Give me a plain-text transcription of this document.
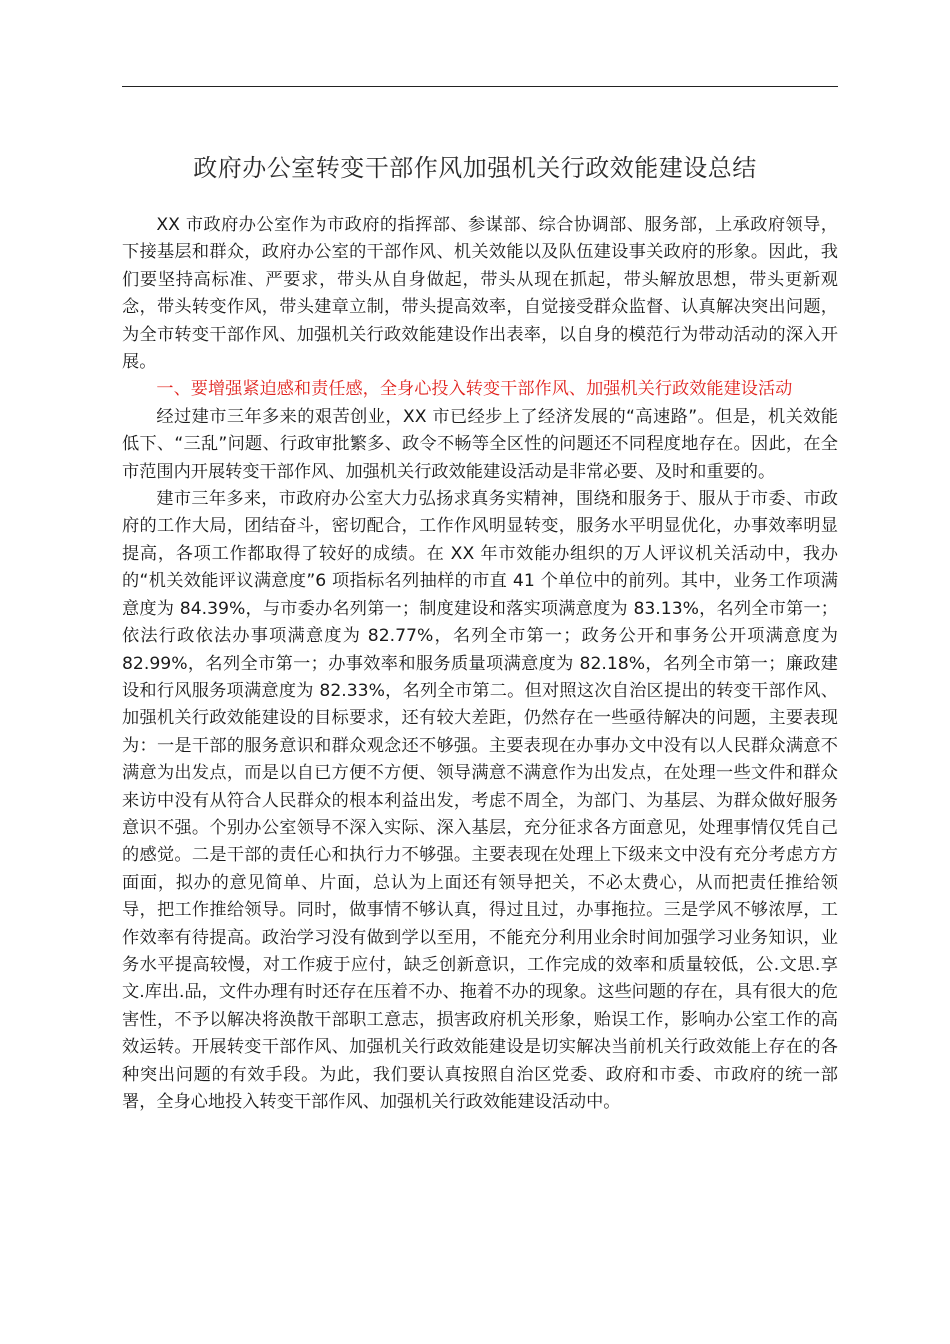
政府办公室转变干部作风加强机关行政效能建设总结

XX 市政府办公室作为市政府的指挥部、参谋部、综合协调部、服务部，上承政府领导，下接基层和群众，政府办公室的干部作风、机关效能以及队伍建设事关政府的形象。因此，我们要坚持高标准、严要求，带头从自身做起，带头从现在抓起，带头解放思想，带头更新观念，带头转变作风，带头建章立制，带头提高效率，自觉接受群众监督、认真解决突出问题，为全市转变干部作风、加强机关行政效能建设作出表率，以自身的模范行为带动活动的深入开展。

一、要增强紧迫感和责任感，全身心投入转变干部作风、加强机关行政效能建设活动

经过建市三年多来的艰苦创业，XX 市已经步上了经济发展的“高速路”。但是，机关效能低下、“三乱”问题、行政审批繁多、政令不畅等全区性的问题还不同程度地存在。因此，在全市范围内开展转变干部作风、加强机关行政效能建设活动是非常必要、及时和重要的。

建市三年多来，市政府办公室大力弘扬求真务实精神，围绕和服务于、服从于市委、市政府的工作大局，团结奋斗，密切配合，工作作风明显转变，服务水平明显优化，办事效率明显提高，各项工作都取得了较好的成绩。在 XX 年市效能办组织的万人评议机关活动中，我办的“机关效能评议满意度”6 项指标名列抽样的市直 41 个单位中的前列。其中，业务工作项满意度为 84.39%，与市委办名列第一；制度建设和落实项满意度为 83.13%，名列全市第一；依法行政依法办事项满意度为 82.77%，名列全市第一；政务公开和事务公开项满意度为 82.99%，名列全市第一；办事效率和服务质量项满意度为 82.18%，名列全市第一；廉政建设和行风服务项满意度为 82.33%，名列全市第二。但对照这次自治区提出的转变干部作风、加强机关行政效能建设的目标要求，还有较大差距，仍然存在一些亟待解决的问题，主要表现为：一是干部的服务意识和群众观念还不够强。主要表现在办事办文中没有以人民群众满意不满意为出发点，而是以自已方便不方便、领导满意不满意作为出发点，在处理一些文件和群众来访中没有从符合人民群众的根本利益出发，考虑不周全，为部门、为基层、为群众做好服务意识不强。个别办公室领导不深入实际、深入基层，充分征求各方面意见，处理事情仅凭自己的感觉。二是干部的责任心和执行力不够强。主要表现在处理上下级来文中没有充分考虑方方面面，拟办的意见简单、片面，总认为上面还有领导把关，不必太费心，从而把责任推给领导，把工作推给领导。同时，做事情不够认真，得过且过，办事拖拉。三是学风不够浓厚，工作效率有待提高。政治学习没有做到学以至用，不能充分利用业余时间加强学习业务知识，业务水平提高较慢，对工作疲于应付，缺乏创新意识，工作完成的效率和质量较低，公.文思.享文.库出.品，文件办理有时还存在压着不办、拖着不办的现象。这些问题的存在，具有很大的危害性，不予以解决将涣散干部职工意志，损害政府机关形象，贻误工作，影响办公室工作的高效运转。开展转变干部作风、加强机关行政效能建设是切实解决当前机关行政效能上存在的各种突出问题的有效手段。为此，我们要认真按照自治区党委、政府和市委、市政府的统一部署，全身心地投入转变干部作风、加强机关行政效能建设活动中。
